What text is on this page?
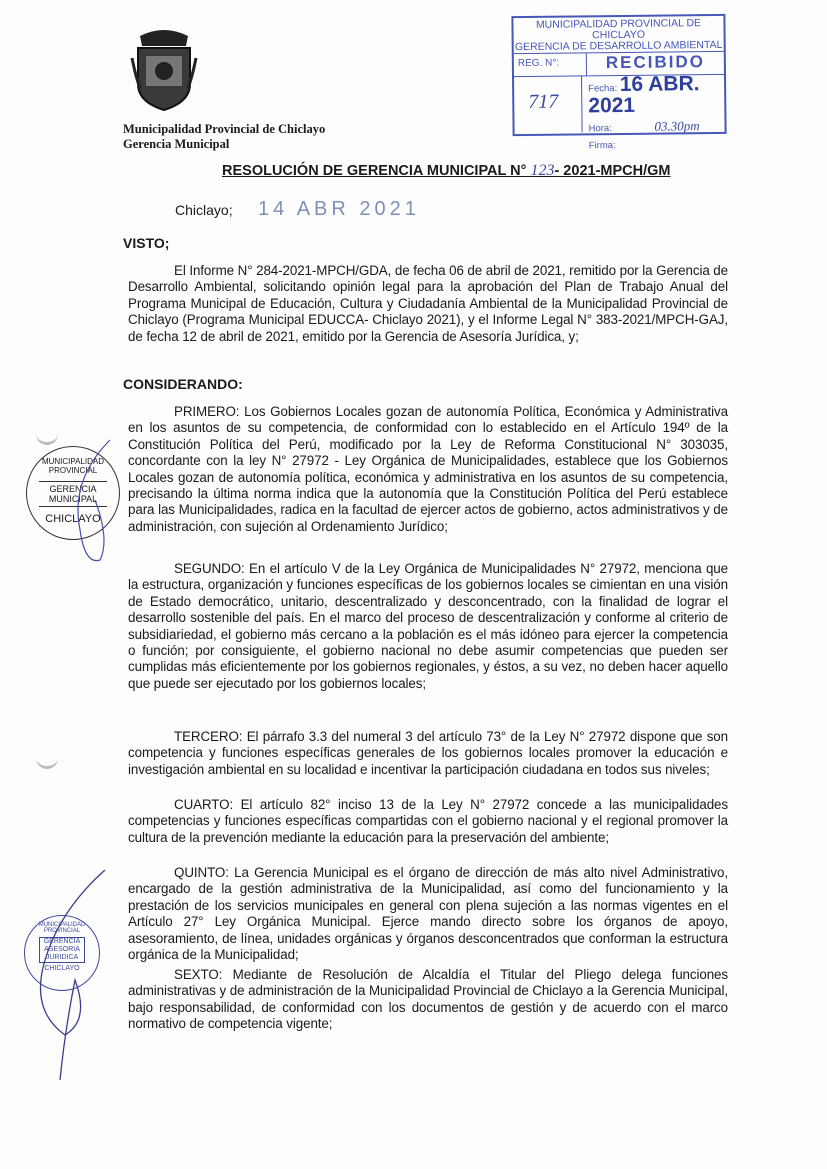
Municipalidad Provincial de Chiclayo
Gerencia Municipal
MUNICIPALIDAD PROVINCIAL DE CHICLAYO
GERENCIA DE DESARROLLO AMBIENTAL
REG. N°:	RECIBIDO
717
Fecha: 16 ABR. 2021
Hora:	03.30pm
Firma:
RESOLUCIÓN DE GERENCIA MUNICIPAL N° 123- 2021-MPCH/GM
Chiclayo; 14 ABR 2021
VISTO;
El Informe N° 284-2021-MPCH/GDA, de fecha 06 de abril de 2021, remitido por la Gerencia de Desarrollo Ambiental, solicitando opinión legal para la aprobación del Plan de Trabajo Anual del Programa Municipal de Educación, Cultura y Ciudadanía Ambiental de la Municipalidad Provincial de Chiclayo (Programa Municipal EDUCCA- Chiclayo 2021), y el Informe Legal N° 383-2021/MPCH-GAJ, de fecha 12 de abril de 2021, emitido por la Gerencia de Asesoría Jurídica, y;
CONSIDERANDO:
PRIMERO: Los Gobiernos Locales gozan de autonomía Política, Económica y Administrativa en los asuntos de su competencia, de conformidad con lo establecido en el Artículo 194º de la Constitución Política del Perú, modificado por la Ley de Reforma Constitucional N° 303035, concordante con la ley N° 27972 - Ley Orgánica de Municipalidades, establece que los Gobiernos Locales gozan de autonomía política, económica y administrativa en los asuntos de su competencia, precisando la última norma indica que la autonomía que la Constitución Política del Perú establece para las Municipalidades, radica en la facultad de ejercer actos de gobierno, actos administrativos y de administración, con sujeción al Ordenamiento Jurídico;
SEGUNDO: En el artículo V de la Ley Orgánica de Municipalidades N° 27972, menciona que la estructura, organización y funciones específicas de los gobiernos locales se cimientan en una visión de Estado democrático, unitario, descentralizado y desconcentrado, con la finalidad de lograr el desarrollo sostenible del país. En el marco del proceso de descentralización y conforme al criterio de subsidiariedad, el gobierno más cercano a la población es el más idóneo para ejercer la competencia o función; por consiguiente, el gobierno nacional no debe asumir competencias que pueden ser cumplidas más eficientemente por los gobiernos regionales, y éstos, a su vez, no deben hacer aquello que puede ser ejecutado por los gobiernos locales;
TERCERO: El párrafo 3.3 del numeral 3 del artículo 73° de la Ley N° 27972 dispone que son competencia y funciones específicas generales de los gobiernos locales promover la educación e investigación ambiental en su localidad e incentivar la participación ciudadana en todos sus niveles;
CUARTO: El artículo 82° inciso 13 de la Ley N° 27972 concede a las municipalidades competencias y funciones específicas compartidas con el gobierno nacional y el regional promover la cultura de la prevención mediante la educación para la preservación del ambiente;
QUINTO: La Gerencia Municipal es el órgano de dirección de más alto nivel Administrativo, encargado de la gestión administrativa de la Municipalidad, así como del funcionamiento y la prestación de los servicios municipales en general con plena sujeción a las normas vigentes en el Artículo 27° Ley Orgánica Municipal. Ejerce mando directo sobre los órganos de apoyo, asesoramiento, de línea, unidades orgánicas y órganos desconcentrados que conforman la estructura orgánica de la Municipalidad;
SEXTO: Mediante de Resolución de Alcaldía el Titular del Pliego delega funciones administrativas y de administración de la Municipalidad Provincial de Chiclayo a la Gerencia Municipal, bajo responsabilidad, de conformidad con los documentos de gestión y de acuerdo con el marco normativo de competencia vigente;
MUNICIPALIDAD PROVINCIAL
GERENCIA
MUNICIPAL
CHICLAYO
MUNICIPALIDAD PROVINCIAL
GERENCIA
ASESORIA
JURIDICA
CHICLAYO
